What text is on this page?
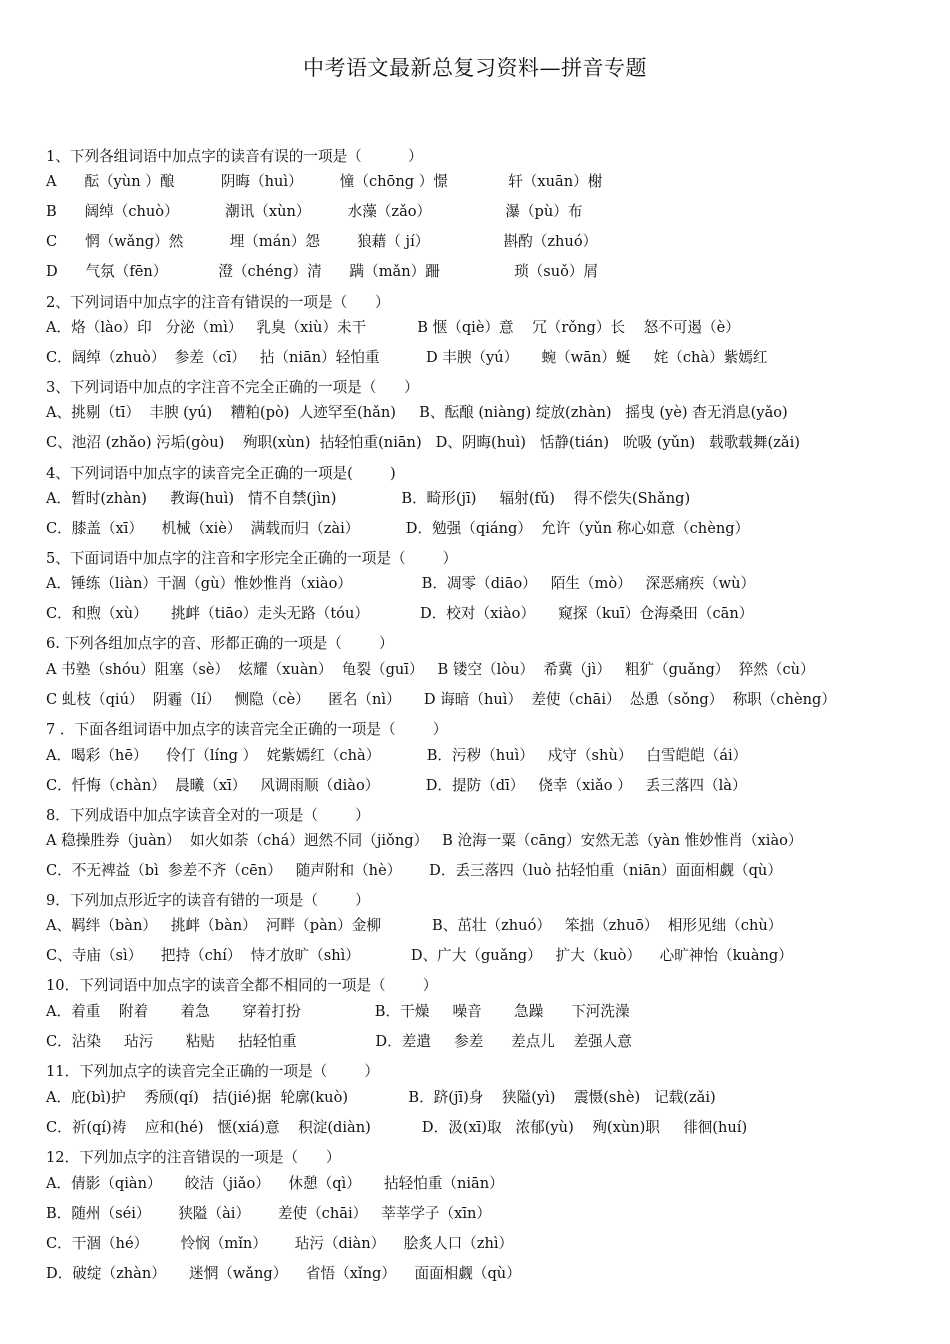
中考语文最新总复习资料—拼音专题
1、下列各组词语中加点字的读音有误的一项是（          ）
A      酝（yùn ）酿          阴晦（huì）        憧（chōng ）憬             轩（xuān）榭
B      阔绰（chuò）          潮讯（xùn）        水藻（zǎo）                瀑（pù）布
C      惘（wǎng）然          埋（mán）怨        狼藉（ jí）                斟酌（zhuó）
D      气氛（fēn）           澄（chéng）清      蹒（mǎn）跚                琐（suǒ）屑
2、下列词语中加点字的注音有错误的一项是（      ）
A．烙（lào）印   分泌（mì）   乳臭（xiù）未干           B 惬（qiè）意    冗（rǒng）长    怒不可遏（è）
C．阔绰（zhuò）  参差（cī）   拈（niān）轻怕重          D 丰腴（yú）     蜿（wān）蜒     姹（chà）紫嫣红
3、下列词语中加点的字注音不完全正确的一项是（      ）
A、挑剔（tī）  丰腴 (yú)    糟粕(pò)  人迹罕至(hǎn)     B、酝酿 (niàng) 绽放(zhàn)   摇曳 (yè) 杳无消息(yǎo)
C、池沼 (zhǎo) 污垢(gòu)    殉职(xùn)  拈轻怕重(niān)   D、阴晦(huì)   恬静(tián)   吮吸 (yǔn)   载歌载舞(zǎi)
4、下列词语中加点字的读音完全正确的一项是(        )
A．暂时(zhàn)     教诲(huì)   情不自禁(jìn)              B．畸形(jī)     辐射(fǔ)    得不偿失(Shǎng)
C．膝盖（xī）    机械（xiè）  满载而归（zài）          D．勉强（qiáng）  允许（yǔn 称心如意（chèng）
5、下面词语中加点字的注音和字形完全正确的一项是（        ）
A．锤练（liàn）干涸（gù）惟妙惟肖（xiào）               B．凋零（diāo）   陌生（mò）   深恶痛疾（wù）
C．和煦（xù）     挑衅（tiāo）走头无路（tóu）           D．校对（xiào）     窥探（kuī）仓海桑田（cān）
6. 下列各组加点字的音、形都正确的一项是（        ）
A 书塾（shóu）阻塞（sè）  炫耀（xuàn）  龟裂（guī）   B 镂空（lòu）  希冀（jì）   粗犷（guǎng）  猝然（cù）
C 虬枝（qiú）  阴霾（lí）   恻隐（cè）    匿名（nì）     D 诲暗（huì）  差使（chāi）  怂恿（sǒng）  称职（chèng）
7 ．下面各组词语中加点字的读音完全正确的一项是（        ）
A．喝彩（hē）    伶仃（líng ）  姹紫嫣红（chà）          B．污秽（huì）   戍守（shù）   白雪皑皑（ái）
C．忏悔（chàn）  晨曦（xī）   风调雨顺（diào）          D．提防（dī）   侥幸（xiǎo ）   丢三落四（là）
8．下列成语中加点字读音全对的一项是（        ）
A 稳操胜券（juàn）  如火如荼（chá）迥然不同（jiǒng）   B 沧海一粟（cāng）安然无恙（yàn 惟妙惟肖（xiào）
C．不无裨益（bì  参差不齐（cēn）   随声附和（hè）      D．丢三落四（luò 拈轻怕重（niān）面面相觑（qù）
9．下列加点形近字的读音有错的一项是（        ）
A、羁绊（bàn）   挑衅（bàn）  河畔（pàn）金柳           B、茁壮（zhuó）   笨拙（zhuō）  相形见绌（chù）
C、寺庙（sì）    把持（chí）  恃才放旷（shì）           D、广大（guǎng）   扩大（kuò）    心旷神怡（kuàng）
10．下列词语中加点字的读音全都不相同的一项是（        ）
A．着重    附着       着急       穿着打扮                B．干燥     噪音       急躁      下河洗澡
C．沾染     玷污       粘贴     拈轻怕重                 D．差遣     参差      差点儿    差强人意
11．下列加点字的读音完全正确的一项是（        ）
A．庇(bì)护    秀颀(qí)   拮(jié)据  轮廓(kuò)             B．跻(jī)身    狭隘(yì)    震慑(shè)   记载(zǎi)
C．祈(qí)祷    应和(hé)   惬(xiá)意    积淀(diàn)           D．汲(xī)取   浓郁(yù)    殉(xùn)职     徘徊(huí)
12．下列加点字的注音错误的一项是（      ）
A．倩影（qiàn）     皎洁（jiǎo）    休憩（qì）     拈轻怕重（niān）
B．随州（séi）      狭隘（ài）      差使（chāi）   莘莘学子（xīn）
C．干涸（hé）       怜悯（mǐn）      玷污（diàn）    脍炙人口（zhì）
D．破绽（zhàn）     迷惘（wǎng）    省悟（xǐng）    面面相觑（qù）
